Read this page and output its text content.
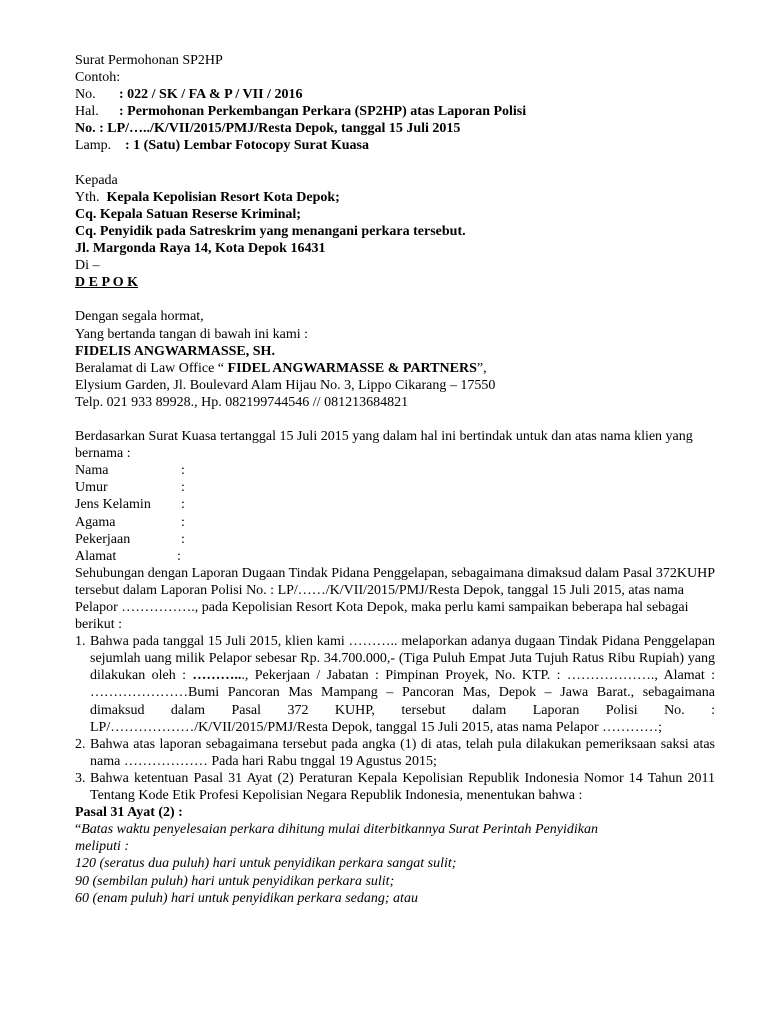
Surat Permohonan SP2HP
Contoh:
No. : 022 / SK / FA & P / VII / 2016
Hal. : Permohonan Perkembangan Perkara (SP2HP) atas Laporan Polisi
No. : LP/…../K/VII/2015/PMJ/Resta Depok, tanggal 15 Juli 2015
Lamp. : 1 (Satu) Lembar Fotocopy Surat Kuasa
Kepada
Yth. Kepala Kepolisian Resort Kota Depok;
Cq. Kepala Satuan Reserse Kriminal;
Cq. Penyidik pada Satreskrim yang menangani perkara tersebut.
Jl. Margonda Raya 14, Kota Depok 16431
Di –
D E P O K
Dengan segala hormat,
Yang bertanda tangan di bawah ini kami :
FIDELIS ANGWARMASSE, SH.
Beralamat di Law Office “ FIDEL ANGWARMASSE & PARTNERS”,
Elysium Garden, Jl. Boulevard Alam Hijau No. 3, Lippo Cikarang – 17550
Telp. 021 933 89928., Hp. 082199744546 // 081213684821
Berdasarkan Surat Kuasa tertanggal 15 Juli 2015 yang dalam hal ini bertindak untuk dan atas nama klien yang bernama :
Nama	:
Umur	:
Jens Kelamin :
Agama	:
Pekerjaan	:
Alamat	:
Sehubungan dengan Laporan Dugaan Tindak Pidana Penggelapan, sebagaimana dimaksud dalam Pasal 372KUHP tersebut dalam Laporan Polisi No. : LP/……/K/VII/2015/PMJ/Resta Depok, tanggal 15 Juli 2015, atas nama Pelapor ……………., pada Kepolisian Resort Kota Depok, maka perlu kami sampaikan beberapa hal sebagai berikut :
1. Bahwa pada tanggal 15 Juli 2015, klien kami ……….. melaporkan adanya dugaan Tindak Pidana Penggelapan sejumlah uang milik Pelapor sebesar Rp. 34.700.000,- (Tiga Puluh Empat Juta Tujuh Ratus Ribu Rupiah) yang dilakukan oleh : ………..., Pekerjaan / Jabatan : Pimpinan Proyek, No. KTP. : ………………., Alamat : …………………Bumi Pancoran Mas Mampang – Pancoran Mas, Depok – Jawa Barat., sebagaimana dimaksud dalam Pasal 372 KUHP, tersebut dalam Laporan Polisi No. : LP/………………/K/VII/2015/PMJ/Resta Depok, tanggal 15 Juli 2015, atas nama Pelapor …………;
2. Bahwa atas laporan sebagaimana tersebut pada angka (1) di atas, telah pula dilakukan pemeriksaan saksi atas nama ……………… Pada hari Rabu tnggal 19 Agustus 2015;
3. Bahwa ketentuan Pasal 31 Ayat (2) Peraturan Kepala Kepolisian Republik Indonesia Nomor 14 Tahun 2011 Tentang Kode Etik Profesi Kepolisian Negara Republik Indonesia, menentukan bahwa :
Pasal 31 Ayat (2) :
“Batas waktu penyelesaian perkara dihitung mulai diterbitkannya Surat Perintah Penyidikan
meliputi :
120 (seratus dua puluh) hari untuk penyidikan perkara sangat sulit;
90 (sembilan puluh) hari untuk penyidikan perkara sulit;
60 (enam puluh) hari untuk penyidikan perkara sedang; atau
